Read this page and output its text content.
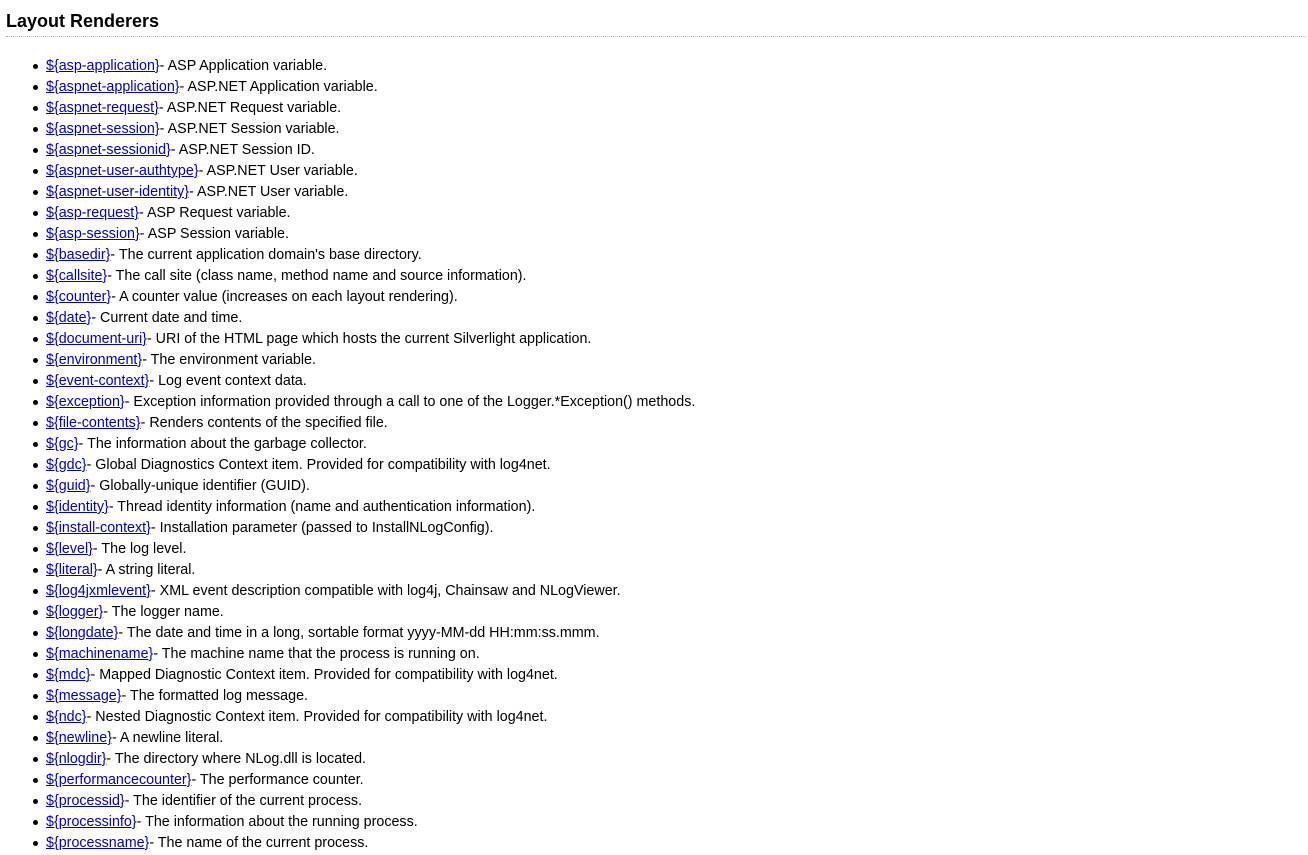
Layout Renderers
${asp-application}- ASP Application variable.
${aspnet-application}- ASP.NET Application variable.
${aspnet-request}- ASP.NET Request variable.
${aspnet-session}- ASP.NET Session variable.
${aspnet-sessionid}- ASP.NET Session ID.
${aspnet-user-authtype}- ASP.NET User variable.
${aspnet-user-identity}- ASP.NET User variable.
${asp-request}- ASP Request variable.
${asp-session}- ASP Session variable.
${basedir}- The current application domain's base directory.
${callsite}- The call site (class name, method name and source information).
${counter}- A counter value (increases on each layout rendering).
${date}- Current date and time.
${document-uri}- URI of the HTML page which hosts the current Silverlight application.
${environment}- The environment variable.
${event-context}- Log event context data.
${exception}- Exception information provided through a call to one of the Logger.*Exception() methods.
${file-contents}- Renders contents of the specified file.
${gc}- The information about the garbage collector.
${gdc}- Global Diagnostics Context item. Provided for compatibility with log4net.
${guid}- Globally-unique identifier (GUID).
${identity}- Thread identity information (name and authentication information).
${install-context}- Installation parameter (passed to InstallNLogConfig).
${level}- The log level.
${literal}- A string literal.
${log4jxmlevent}- XML event description compatible with log4j, Chainsaw and NLogViewer.
${logger}- The logger name.
${longdate}- The date and time in a long, sortable format yyyy-MM-dd HH:mm:ss.mmm.
${machinename}- The machine name that the process is running on.
${mdc}- Mapped Diagnostic Context item. Provided for compatibility with log4net.
${message}- The formatted log message.
${ndc}- Nested Diagnostic Context item. Provided for compatibility with log4net.
${newline}- A newline literal.
${nlogdir}- The directory where NLog.dll is located.
${performancecounter}- The performance counter.
${processid}- The identifier of the current process.
${processinfo}- The information about the running process.
${processname}- The name of the current process.
